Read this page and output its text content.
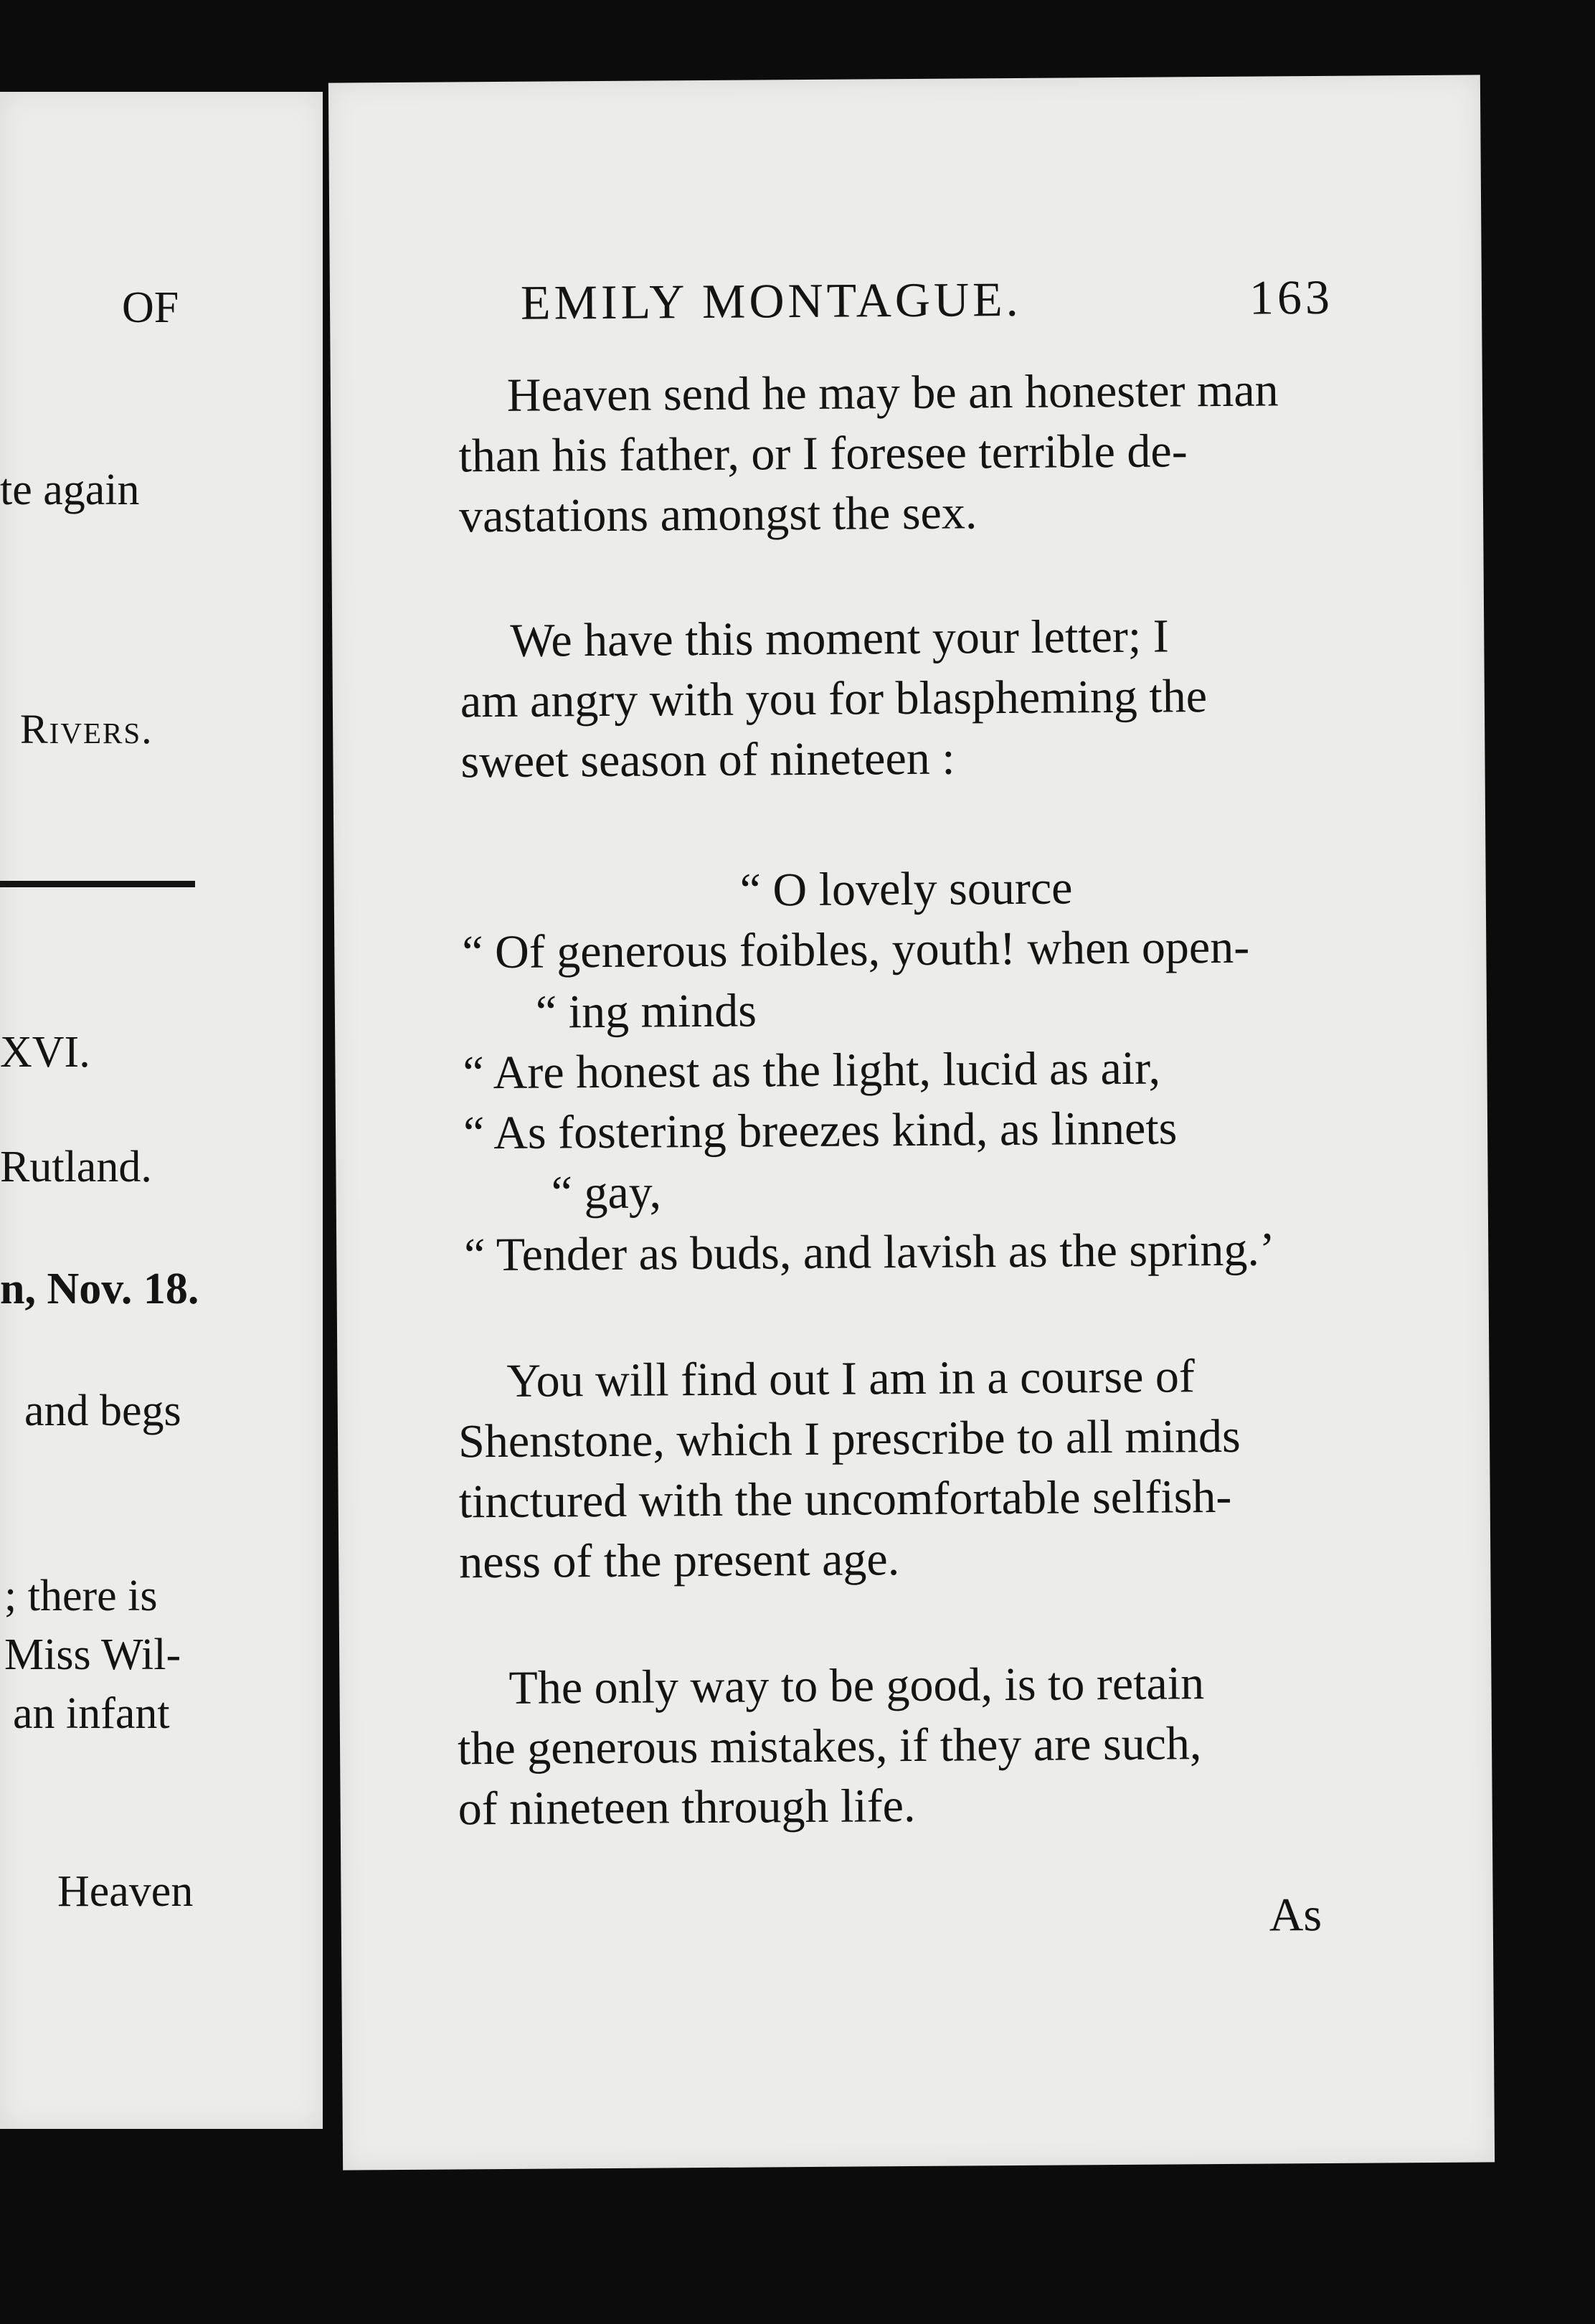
OF
te again
Rivers.
XVI.
Rutland.
n, Nov. 18.
and begs
; there is
Miss Wil-
an infant
Heaven
EMILY MONTAGUE.	163
Heaven send he may be an honester man
than his father, or I foresee terrible de-
vastations amongst the sex.
We have this moment your letter; I
am angry with you for blaspheming the
sweet season of nineteen :
“ O lovely source
“ Of generous foibles, youth! when open-
“ ing minds
“ Are honest as the light, lucid as air,
“ As fostering breezes kind, as linnets
“ gay,
“ Tender as buds, and lavish as the spring.’
You will find out I am in a course of
Shenstone, which I prescribe to all minds
tinctured with the uncomfortable selfish-
ness of the present age.
The only way to be good, is to retain
the generous mistakes, if they are such,
of nineteen through life.
As
